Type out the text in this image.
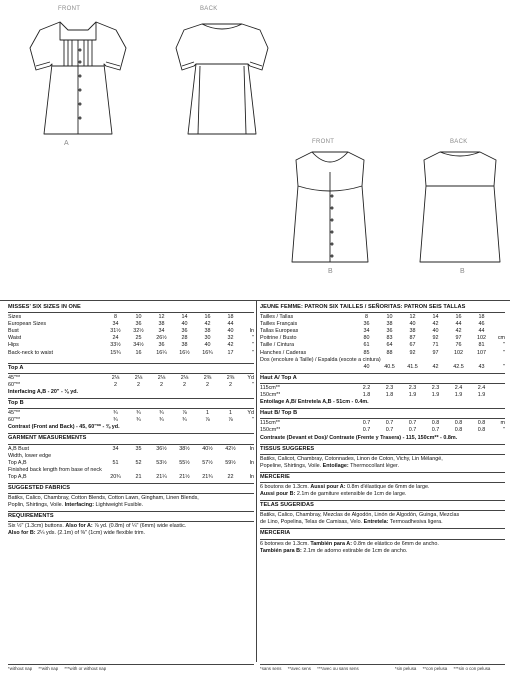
FRONT	BACK
A	FRONT	BACK
B	B
MISSES' SIX SIZES IN ONE
Sizes	8	10	12	14	16	18
European Sizes	34	36	38	40	42	44
Bust	31½	32½	34	36	38	40	In
Waist	24	25	26½	28	30	32	"
Hips	33½	34½	36	38	40	42	"
Back-neck to waist	15¾	16	16¼	16½	16¾	17	"
Top A
45"**	2⅛	2⅛	2⅛	2⅛	2⅜	2⅜	Yd
60"**	2	2	2	2	2	2	"
Interfacing A,B - 20" - ⅛ yd.
Top B
45"**	¾	¾	¾	⅞	1	1	Yd
60"**	¾	¾	¾	¾	⅞	⅞	"
Contrast (Front and Back) - 45, 60"** - ⅜ yd.
GARMENT MEASUREMENTS
A,B Bust	34	35	36½	38½	40½	42½	In
Width, lower edge
Top A,B	51	52	53½	55½	57½	59½	In
Finished back length from base of neck
Top A,B	20¾	21	21¼	21½	21¾	22	In
SUGGESTED FABRICS
Batiks, Calico, Chambray, Cotton Blends, Cotton Lawn, Gingham, Linen Blends,
Poplin, Shirtings, Voile. Interfacing: Lightweight Fusible.
REQUIREMENTS
Six ½" (1.3cm) buttons. Also for A: ⅞ yd. (0.8m) of ¼" (6mm) wide elastic.
Also for B: 2¼ yds. (2.1m) of ⅜" (1cm) wide flexible trim.
JEUNE FEMME: PATRON SIX TAILLES / SEÑORITAS: PATRON SEIS TALLAS
Tailles / Tallas	8	10	12	14	16	18
Tailles Français	36	38	40	42	44	46
Tallas Europeas	34	36	38	40	42	44
Poitrine / Busto	80	83	87	92	97	102	cm
Taille / Cintura	61	64	67	71	76	81	"
Hanches / Caderas	85	88	92	97	102	107	"
Dos (encolure à Taille) / Espalda (escote a cintura)
40	40.5	41.5	42	42.5	43	"
Haut A/ Top A
115cm**	2.2	2.3	2.3	2.3	2.4	2.4
150cm**	1.8	1.8	1.9	1.9	1.9	1.9
Entoilage A,B/ Entretela A,B - 51cm - 0.4m.
Haut B/ Top B
115cm**	0.7	0.7	0.7	0.8	0.8	0.8	m
150cm**	0.7	0.7	0.7	0.7	0.8	0.8	"
Contraste (Devant et Dos)/ Contraste (Frente y Trasera) - 115, 150cm** - 0.8m.
TISSUS SUGGERES
Batiks, Calicot, Chambray, Cotonnades, Linon de Coton, Vichy, Lin Mélangé,
Popeline, Shirtings, Voile. Entoilage: Thermocollant léger.
MERCERIE
6 boutons de 1.3cm. Aussi pour A: 0.8m d'élastique de 6mm de large.
Aussi pour B: 2.1m de garniture extensible de 1cm de large.
TELAS SUGERIDAS
Batiks, Calico, Chambray, Mezclas de Algodón, Linón de Algodón, Guinga, Mezclas
de Lino, Popelina, Telas de Camisas, Velo. Entretela: Termoadhesiva ligera.
MERCERIA
6 botones de 1.3cm. También para A: 0.8m de elástico de 6mm de ancho.
También para B: 2.1m de adorno estirable de 1cm de ancho.
*without nap **with nap ***with or without nap	*sans sens **avec sens ***avec ou sans sens	*sin pelusa **con pelusa ***sin o con pelusa
